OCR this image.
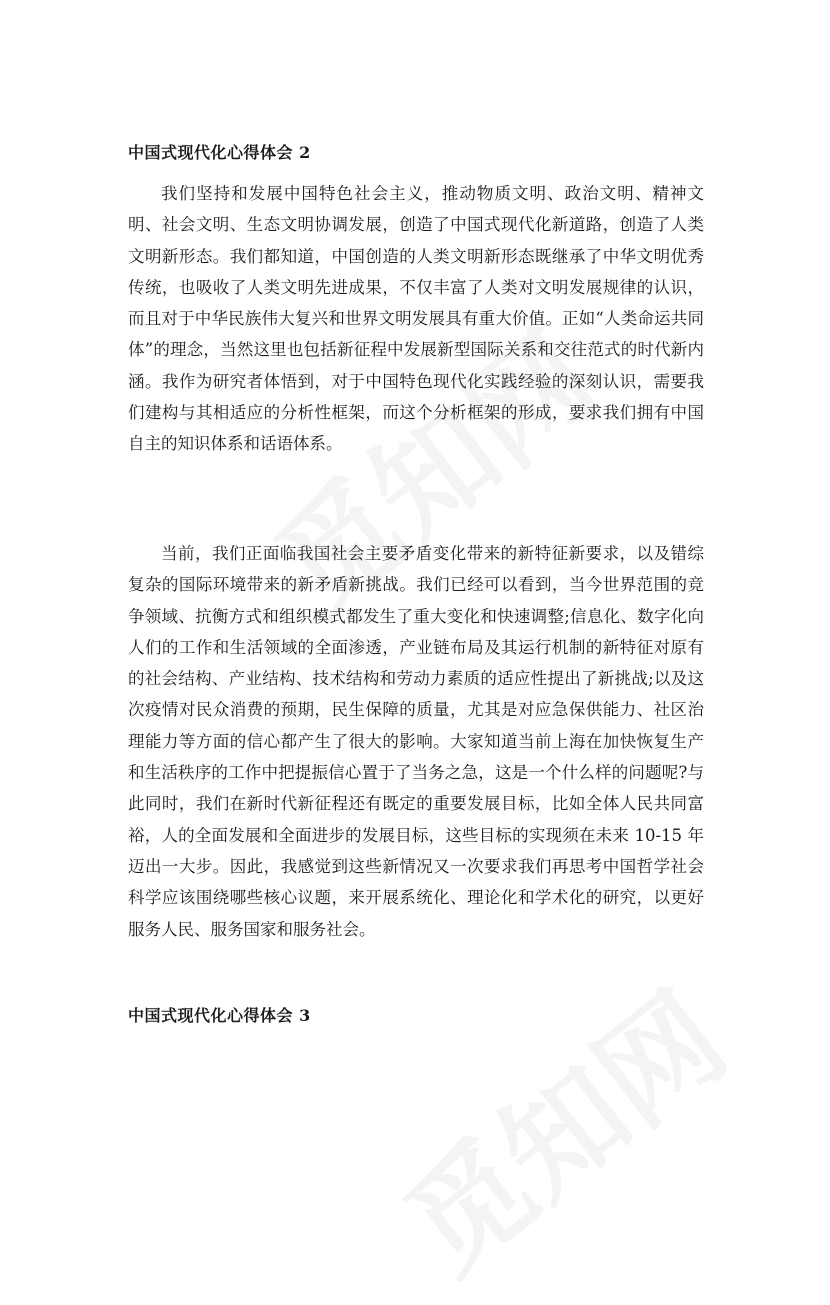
中国式现代化心得体会 2

我们坚持和发展中国特色社会主义，推动物质文明、政治文明、精神文明、社会文明、生态文明协调发展，创造了中国式现代化新道路，创造了人类文明新形态。我们都知道，中国创造的人类文明新形态既继承了中华文明优秀传统，也吸收了人类文明先进成果，不仅丰富了人类对文明发展规律的认识，而且对于中华民族伟大复兴和世界文明发展具有重大价值。正如“人类命运共同体”的理念，当然这里也包括新征程中发展新型国际关系和交往范式的时代新内涵。我作为研究者体悟到，对于中国特色现代化实践经验的深刻认识，需要我们建构与其相适应的分析性框架，而这个分析框架的形成，要求我们拥有中国自主的知识体系和话语体系。

当前，我们正面临我国社会主要矛盾变化带来的新特征新要求，以及错综复杂的国际环境带来的新矛盾新挑战。我们已经可以看到，当今世界范围的竞争领域、抗衡方式和组织模式都发生了重大变化和快速调整;信息化、数字化向人们的工作和生活领域的全面渗透，产业链布局及其运行机制的新特征对原有的社会结构、产业结构、技术结构和劳动力素质的适应性提出了新挑战;以及这次疫情对民众消费的预期，民生保障的质量，尤其是对应急保供能力、社区治理能力等方面的信心都产生了很大的影响。大家知道当前上海在加快恢复生产和生活秩序的工作中把提振信心置于了当务之急，这是一个什么样的问题呢?与此同时，我们在新时代新征程还有既定的重要发展目标，比如全体人民共同富裕，人的全面发展和全面进步的发展目标，这些目标的实现须在未来 10-15 年迈出一大步。因此，我感觉到这些新情况又一次要求我们再思考中国哲学社会科学应该围绕哪些核心议题，来开展系统化、理论化和学术化的研究，以更好服务人民、服务国家和服务社会。

中国式现代化心得体会 3
